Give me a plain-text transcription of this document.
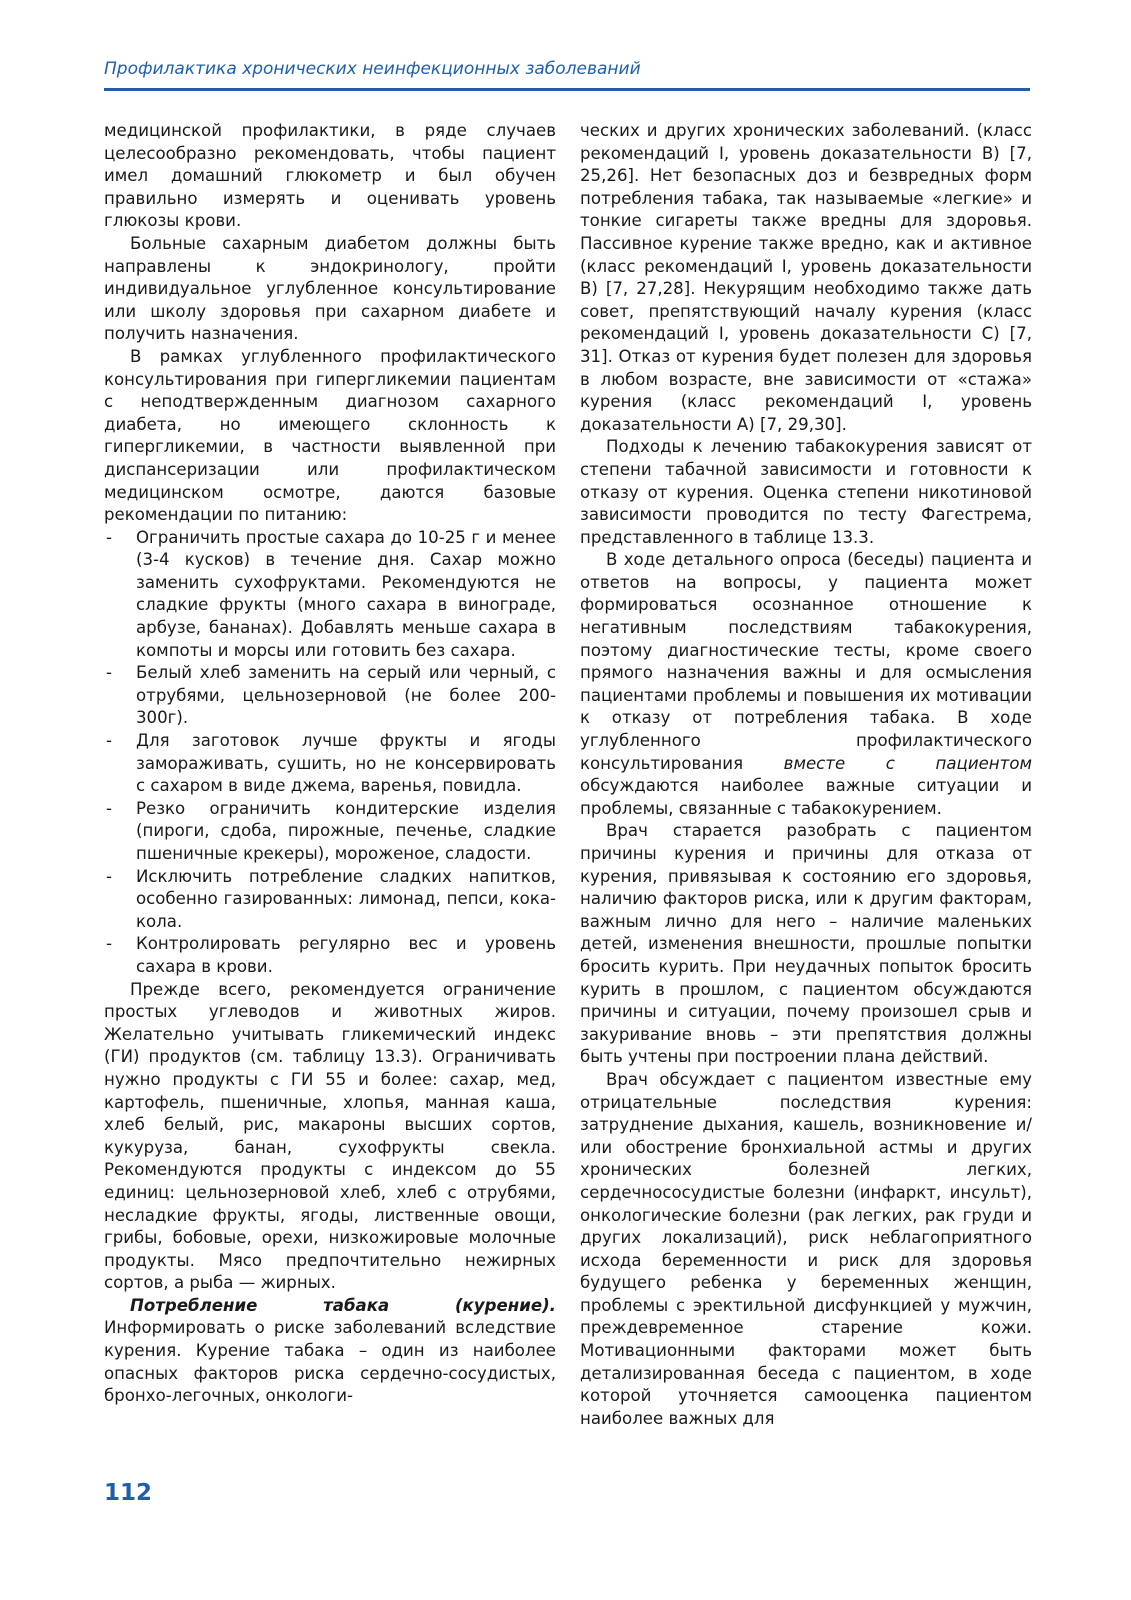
Профилактика хронических неинфекционных заболеваний

медицинской профилактики, в ряде случаев целесообразно рекомендовать, чтобы пациент имел домашний глюкометр и был обучен правильно измерять и оценивать уровень глюкозы крови.

Больные сахарным диабетом должны быть направлены к эндокринологу, пройти индивидуальное углубленное консультирование или школу здоровья при сахарном диабете и получить назначения.

В рамках углубленного профилактического консультирования при гипергликемии пациентам с неподтвержденным диагнозом сахарного диабета, но имеющего склонность к гипергликемии, в частности выявленной при диспансеризации или профилактическом медицинском осмотре, даются базовые рекомендации по питанию:

- Ограничить простые сахара до 10-25 г и менее (3-4 кусков) в течение дня. Сахар можно заменить сухофруктами. Рекомендуются не сладкие фрукты (много сахара в винограде, арбузе, бананах). Добавлять меньше сахара в компоты и морсы или готовить без сахара.
- Белый хлеб заменить на серый или черный, с отрубями, цельнозерновой (не более 200-300г).
- Для заготовок лучше фрукты и ягоды замораживать, сушить, но не консервировать с сахаром в виде джема, варенья, повидла.
- Резко ограничить кондитерские изделия (пироги, сдоба, пирожные, печенье, сладкие пшеничные крекеры), мороженое, сладости.
- Исключить потребление сладких напитков, особенно газированных: лимонад, пепси, кока-кола.
- Контролировать регулярно вес и уровень сахара в крови.

Прежде всего, рекомендуется ограничение простых углеводов и животных жиров. Желательно учитывать гликемический индекс (ГИ) продуктов (см. таблицу 13.3). Ограничивать нужно продукты с ГИ 55 и более: сахар, мед, картофель, пшеничные, хлопья, манная каша, хлеб белый, рис, макароны высших сортов, кукуруза, банан, сухофрукты свекла. Рекомендуются продукты с индексом до 55 единиц: цельнозерновой хлеб, хлеб с отрубями, несладкие фрукты, ягоды, лиственные овощи, грибы, бобовые, орехи, низкожировые молочные продукты. Мясо предпочтительно нежирных сортов, а рыба — жирных.

Потребление табака (курение). Информировать о риске заболеваний вследствие курения. Курение табака – один из наиболее опасных факторов риска сердечно-сосудистых, бронхо-легочных, онкологи-

ческих и других хронических заболеваний. (класс рекомендаций I, уровень доказательности В) [7, 25,26]. Нет безопасных доз и безвредных форм потребления табака, так называемые «легкие» и тонкие сигареты также вредны для здоровья. Пассивное курение также вредно, как и активное (класс рекомендаций I, уровень доказательности В) [7, 27,28]. Некурящим необходимо также дать совет, препятствующий началу курения (класс рекомендаций I, уровень доказательности С) [7, 31]. Отказ от курения будет полезен для здоровья в любом возрасте, вне зависимости от «стажа» курения (класс рекомендаций I, уровень доказательности А) [7, 29,30].

Подходы к лечению табакокурения зависят от степени табачной зависимости и готовности к отказу от курения. Оценка степени никотиновой зависимости проводится по тесту Фагестрема, представленного в таблице 13.3.

В ходе детального опроса (беседы) пациента и ответов на вопросы, у пациента может формироваться осознанное отношение к негативным последствиям табакокурения, поэтому диагностические тесты, кроме своего прямого назначения важны и для осмысления пациентами проблемы и повышения их мотивации к отказу от потребления табака. В ходе углубленного профилактического консультирования вместе с пациентом обсуждаются наиболее важные ситуации и проблемы, связанные с табакокурением.

Врач старается разобрать с пациентом причины курения и причины для отказа от курения, привязывая к состоянию его здоровья, наличию факторов риска, или к другим факторам, важным лично для него – наличие маленьких детей, изменения внешности, прошлые попытки бросить курить. При неудачных попыток бросить курить в прошлом, с пациентом обсуждаются причины и ситуации, почему произошел срыв и закуривание вновь – эти препятствия должны быть учтены при построении плана действий.

Врач обсуждает с пациентом известные ему отрицательные последствия курения: затруднение дыхания, кашель, возникновение и/или обострение бронхиальной астмы и других хронических болезней легких, сердечнососудистые болезни (инфаркт, инсульт), онкологические болезни (рак легких, рак груди и других локализаций), риск неблагоприятного исхода беременности и риск для здоровья будущего ребенка у беременных женщин, проблемы с эректильной дисфункцией у мужчин, преждевременное старение кожи. Мотивационными факторами может быть детализированная беседа с пациентом, в ходе которой уточняется самооценка пациентом наиболее важных для

112
